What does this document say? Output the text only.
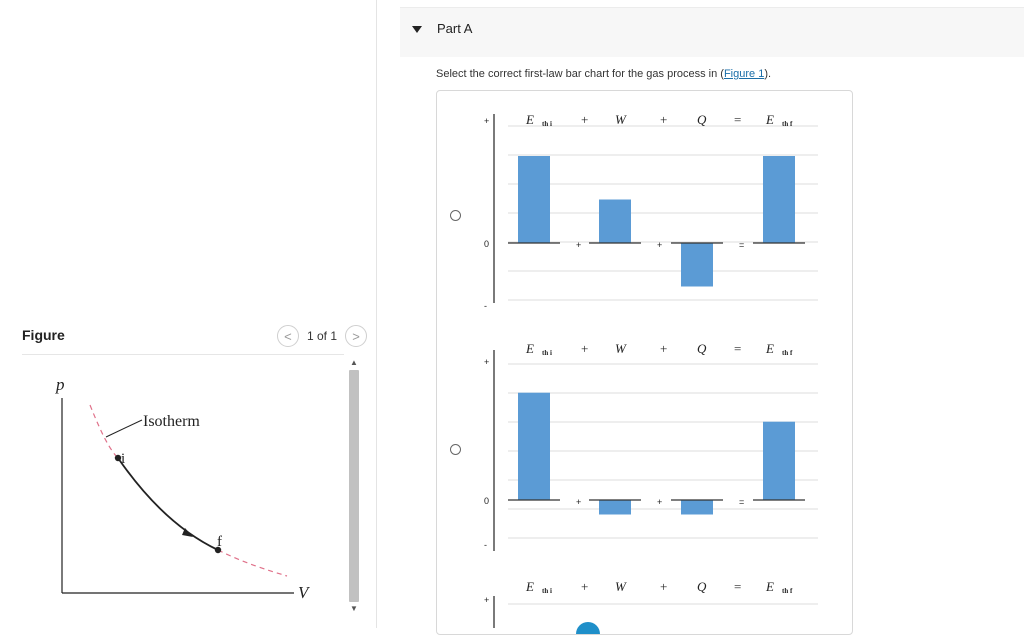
Figure	< 1 of 1 >
p
V
i
f
Isotherm
▲
▼
Part A
Select the correct first-law bar chart for the gas process in (Figure 1).
+
0
-
E th i + W	+ Q = E th f
+	+	=
+
0
-
E th i + W	+ Q = E th f
+	+	=
+
E th i + W	+ Q = E th f
